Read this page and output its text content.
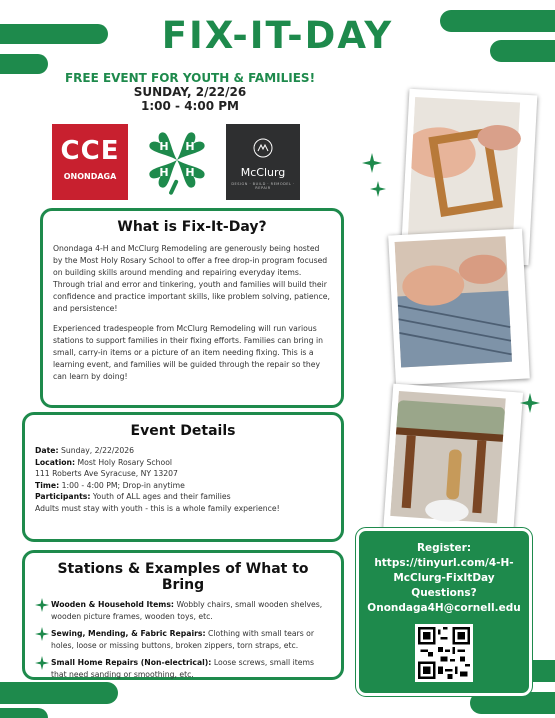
FIX-IT-DAY
FREE EVENT FOR YOUTH & FAMILIES!
SUNDAY, 2/22/26
1:00 - 4:00 PM
CCE
ONONDAGA
H H
H H	McClurg
DESIGN · BUILD · REMODEL · REPAIR
What is Fix-It-Day?

Onondaga 4-H and McClurg Remodeling are generously being hosted by the Most Holy Rosary School to offer a free drop-in program focused on building skills around mending and repairing everyday items. Through trial and error and tinkering, youth and families will build their confidence and practice important skills, like problem solving, patience, and persistence!

Experienced tradespeople from McClurg Remodeling will run various stations to support families in their fixing efforts. Families can bring in small, carry-in items or a picture of an item needing fixing. This is a learning event, and families will be guided through the repair so they can learn by doing!

Event Details

Date: Sunday, 2/22/2026

Location: Most Holy Rosary School

111 Roberts Ave Syracuse, NY 13207

Time: 1:00 - 4:00 PM; Drop-in anytime

Participants: Youth of ALL ages and their families

Adults must stay with youth - this is a whole family experience!

Stations & Examples of What to Bring

Wooden & Household Items: Wobbly chairs, small wooden shelves, wooden picture frames, wooden toys, etc.

Sewing, Mending, & Fabric Repairs: Clothing with small tears or holes, loose or missing buttons, broken zippers, torn straps, etc.

Small Home Repairs (Non-electrical): Loose screws, small items that need sanding or smoothing, etc.

Register:
https://tinyurl.com/4-H-
McClurg-FixItDay
Questions?
Onondaga4H@cornell.edu
